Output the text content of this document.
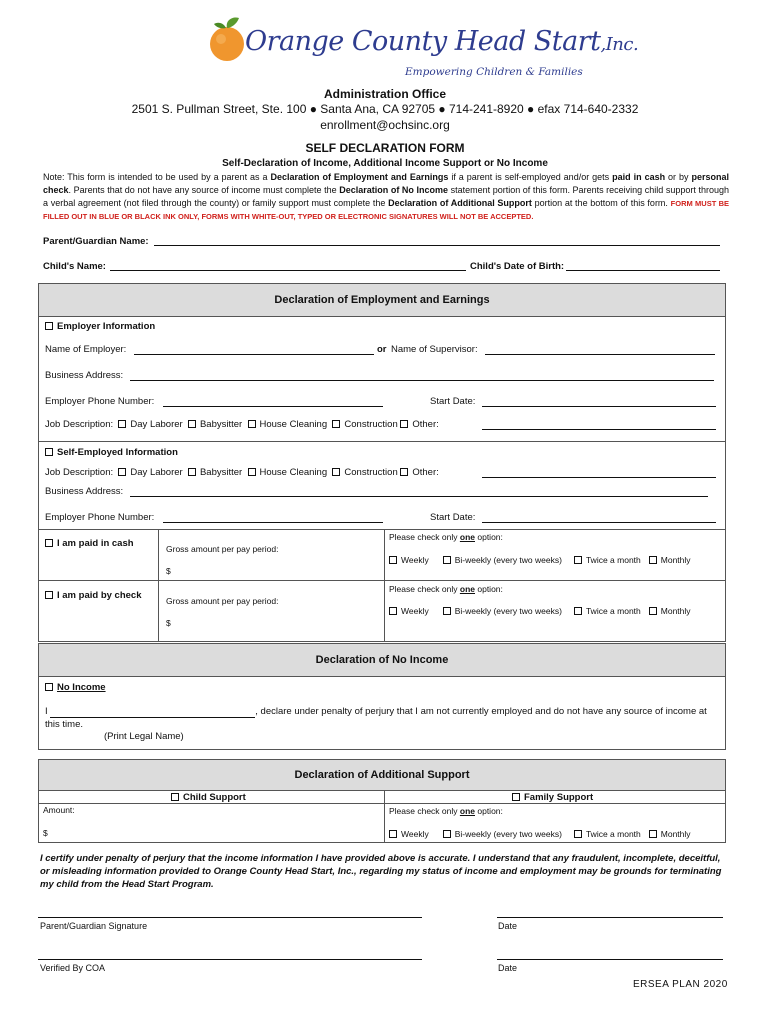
Orange County Head Start,Inc.
Empowering Children & Families
Administration Office
2501 S. Pullman Street, Ste. 100 ● Santa Ana, CA 92705 ● 714-241-8920 ● efax 714-640-2332
enrollment@ochsinc.org
SELF DECLARATION FORM
Self-Declaration of Income, Additional Income Support or No Income
Note: This form is intended to be used by a parent as a Declaration of Employment and Earnings if a parent is self-employed and/or gets paid in cash or by personal check. Parents that do not have any source of income must complete the Declaration of No Income statement portion of this form. Parents receiving child support through a verbal agreement (not filed through the county) or family support must complete the Declaration of Additional Support portion at the bottom of this form. FORM MUST BE FILLED OUT IN BLUE OR BLACK INK ONLY, FORMS WITH WHITE-OUT, TYPED OR ELECTRONIC SIGNATURES WILL NOT BE ACCEPTED.
Parent/Guardian Name:
Child's Name:	Child's Date of Birth:
Declaration of Employment and Earnings
Employer Information
Name of Employer:	or Name of Supervisor:
Business Address:
Employer Phone Number:	Start Date:
Job Description: Day Laborer Babysitter House Cleaning Construction Other:
Self-Employed Information
Job Description: Day Laborer Babysitter House Cleaning Construction Other:
Business Address:
Employer Phone Number:	Start Date:
I am paid in cash	Gross amount per pay period:
$
Please check only one option:
Weekly	Bi-weekly (every two weeks)	Twice a month	Monthly
I am paid by check	Gross amount per pay period:
$
Please check only one option:
Weekly	Bi-weekly (every two weeks)	Twice a month	Monthly
Declaration of No Income
No Income
I	, declare under penalty of perjury that I am not currently employed and do not have any source of income at this time.
(Print Legal Name)
Declaration of Additional Support
Child Support	Family Support
Amount:
$
Please check only one option:
Weekly	Bi-weekly (every two weeks)	Twice a month	Monthly
I certify under penalty of perjury that the income information I have provided above is accurate. I understand that any fraudulent, incomplete, deceitful, or misleading information provided to Orange County Head Start, Inc., regarding my status of income and employment may be grounds for terminating my child from the Head Start Program.
Parent/Guardian Signature	Date
Verified By COA	Date
ERSEA PLAN 2020
